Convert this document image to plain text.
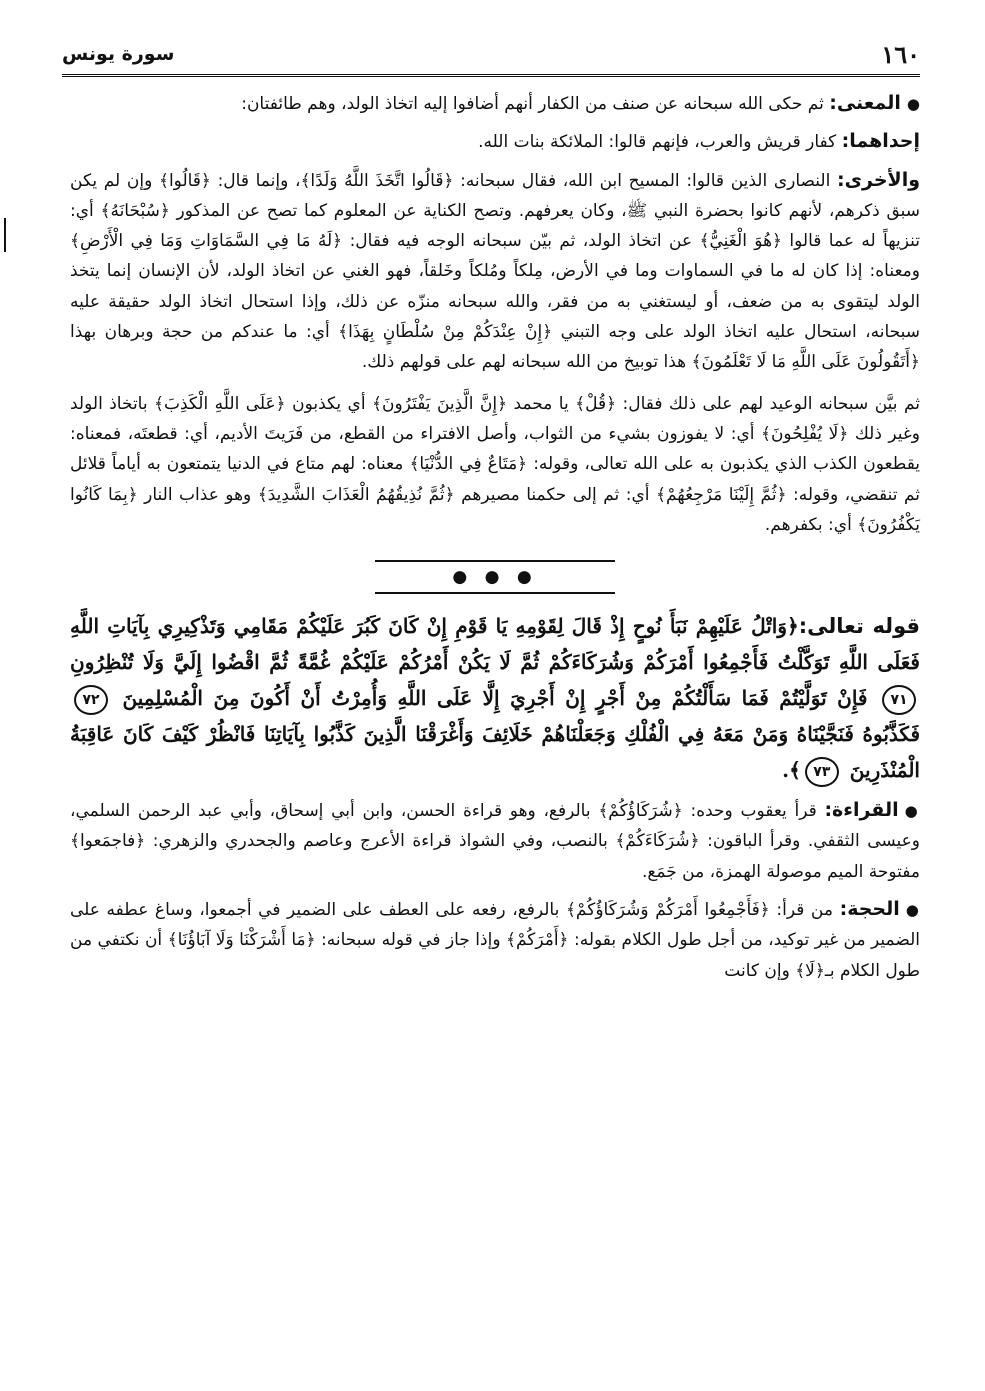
١٦٠
سورة يونس

●المعنى: ثم حكى الله سبحانه عن صنف من الكفار أنهم أضافوا إليه اتخاذ الولد، وهم طائفتان:

إحداهما: كفار قريش والعرب، فإنهم قالوا: الملائكة بنات الله.

والأخرى: النصارى الذين قالوا: المسيح ابن الله، فقال سبحانه: ﴿قَالُوا اتَّخَذَ اللَّهُ وَلَدًا﴾، وإنما قال: ﴿قَالُوا﴾ وإن لم يكن سبق ذكرهم، لأنهم كانوا بحضرة النبي ﷺ، وكان يعرفهم. وتصح الكناية عن المعلوم كما تصح عن المذكور ﴿سُبْحَانَهُ﴾ أي: تنزيهاً له عما قالوا ﴿هُوَ الْغَنِيُّ﴾ عن اتخاذ الولد، ثم بيّن سبحانه الوجه فيه فقال: ﴿لَهُ مَا فِي السَّمَاوَاتِ وَمَا فِي الْأَرْضِ﴾ ومعناه: إذا كان له ما في السماوات وما في الأرض، مِلكاً ومُلكاً وخَلقاً، فهو الغني عن اتخاذ الولد، لأن الإنسان إنما يتخذ الولد ليتقوى به من ضعف، أو ليستغني به من فقر، والله سبحانه منزّه عن ذلك، وإذا استحال اتخاذ الولد حقيقة عليه سبحانه، استحال عليه اتخاذ الولد على وجه التبني ﴿إِنْ عِنْدَكُمْ مِنْ سُلْطَانٍ بِهَذَا﴾ أي: ما عندكم من حجة وبرهان بهذا ﴿أَتَقُولُونَ عَلَى اللَّهِ مَا لَا تَعْلَمُونَ﴾ هذا توبيخ من الله سبحانه لهم على قولهم ذلك.

ثم بيَّن سبحانه الوعيد لهم على ذلك فقال: ﴿قُلْ﴾ يا محمد ﴿إِنَّ الَّذِينَ يَفْتَرُونَ﴾ أي يكذبون ﴿عَلَى اللَّهِ الْكَذِبَ﴾ باتخاذ الولد وغير ذلك ﴿لَا يُفْلِحُونَ﴾ أي: لا يفوزون بشيء من الثواب، وأصل الافتراء من القطع، من فَرَيتَ الأديم، أي: قطعتَه، فمعناه: يقطعون الكذب الذي يكذبون به على الله تعالى، وقوله: ﴿مَتَاعٌ فِي الدُّنْيَا﴾ معناه: لهم متاع في الدنيا يتمتعون به أياماً قلائل ثم تنقضي، وقوله: ﴿ثُمَّ إِلَيْنَا مَرْجِعُهُمْ﴾ أي: ثم إلى حكمنا مصيرهم ﴿ثُمَّ نُذِيقُهُمُ الْعَذَابَ الشَّدِيدَ﴾ وهو عذاب النار ﴿بِمَا كَانُوا يَكْفُرُونَ﴾ أي: بكفرهم.

● ● ●

قوله تعالى:﴿وَاتْلُ عَلَيْهِمْ نَبَأَ نُوحٍ إِذْ قَالَ لِقَوْمِهِ يَا قَوْمِ إِنْ كَانَ كَبُرَ عَلَيْكُمْ مَقَامِي وَتَذْكِيرِي بِآيَاتِ اللَّهِ فَعَلَى اللَّهِ تَوَكَّلْتُ فَأَجْمِعُوا أَمْرَكُمْ وَشُرَكَاءَكُمْ ثُمَّ لَا يَكُنْ أَمْرُكُمْ عَلَيْكُمْ غُمَّةً ثُمَّ اقْضُوا إِلَيَّ وَلَا تُنْظِرُونِ ٧١ فَإِنْ تَوَلَّيْتُمْ فَمَا سَأَلْتُكُمْ مِنْ أَجْرٍ إِنْ أَجْرِيَ إِلَّا عَلَى اللَّهِ وَأُمِرْتُ أَنْ أَكُونَ مِنَ الْمُسْلِمِينَ ٧٢ فَكَذَّبُوهُ فَنَجَّيْنَاهُ وَمَنْ مَعَهُ فِي الْفُلْكِ وَجَعَلْنَاهُمْ خَلَائِفَ وَأَغْرَقْنَا الَّذِينَ كَذَّبُوا بِآيَاتِنَا فَانْظُرْ كَيْفَ كَانَ عَاقِبَةُ الْمُنْذَرِينَ ٧٣﴾.

●القراءة: قرأ يعقوب وحده: ﴿شُرَكَاؤُكُمْ﴾ بالرفع، وهو قراءة الحسن، وابن أبي إسحاق، وأبي عبد الرحمن السلمي، وعيسى الثقفي. وقرأ الباقون: ﴿شُرَكَاءَكُمْ﴾ بالنصب، وفي الشواذ قراءة الأعرج وعاصم والجحدري والزهري: ﴿فاجمَعوا﴾ مفتوحة الميم موصولة الهمزة، من جَمَع.

●الحجة: من قرأ: ﴿فَأَجْمِعُوا أَمْرَكُمْ وَشُرَكَاؤُكُمْ﴾ بالرفع، رفعه على العطف على الضمير في أجمعوا، وساغ عطفه على الضمير من غير توكيد، من أجل طول الكلام بقوله: ﴿أَمْرَكُمْ﴾ وإذا جاز في قوله سبحانه: ﴿مَا أَشْرَكْنَا وَلَا آبَاؤُنَا﴾ أن نكتفي من طول الكلام بـ﴿لَا﴾ وإن كانت
